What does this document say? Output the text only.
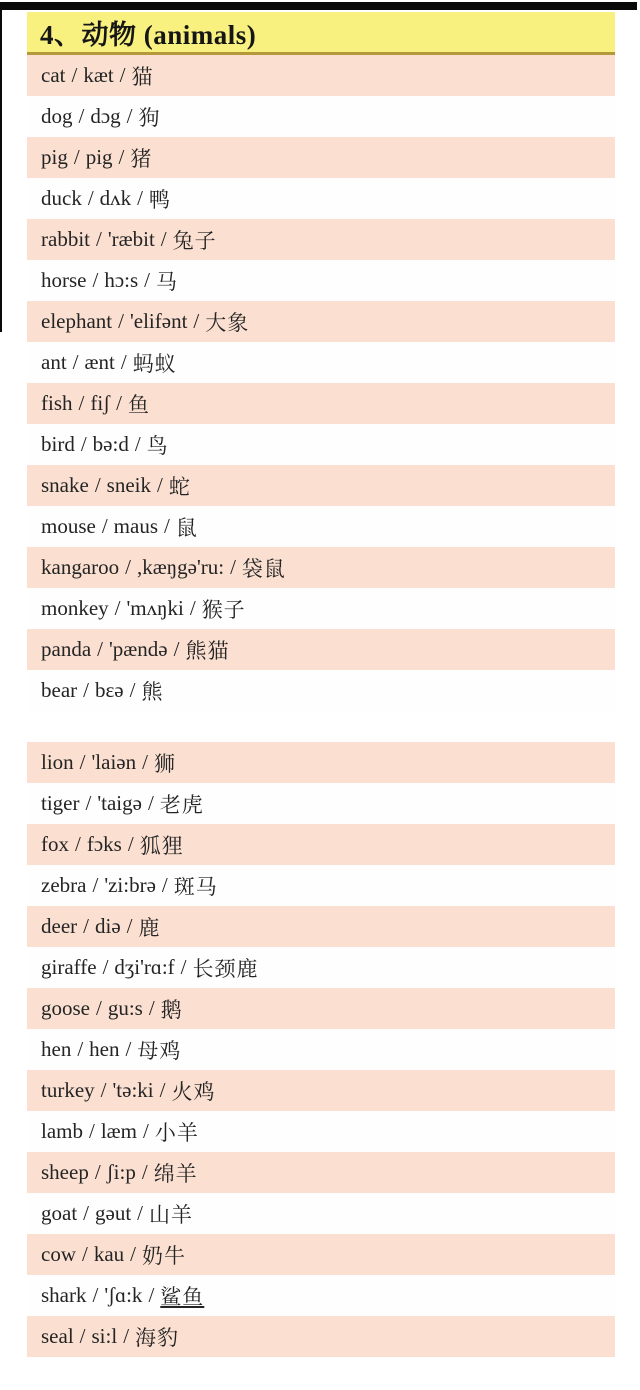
4、动物 (animals)
cat / kæt / 猫
dog / dɔg / 狗
pig / pig / 猪
duck / dʌk / 鸭
rabbit / 'ræbit / 兔子
horse / hɔ:s / 马
elephant / 'elifənt / 大象
ant / ænt / 蚂蚁
fish / fiʃ / 鱼
bird / bə:d / 鸟
snake / sneik / 蛇
mouse / maus / 鼠
kangaroo / ,kæŋgə'ru: / 袋鼠
monkey / 'mʌŋki / 猴子
panda / 'pændə / 熊猫
bear / bɛə / 熊
lion / 'laiən / 狮
tiger / 'taigə / 老虎
fox / fɔks / 狐狸
zebra / 'zi:brə / 斑马
deer / diə / 鹿
giraffe / dʒi'rɑ:f / 长颈鹿
goose / gu:s / 鹅
hen / hen / 母鸡
turkey / 'tə:ki / 火鸡
lamb / læm / 小羊
sheep / ʃi:p / 绵羊
goat / gəut / 山羊
cow / kau / 奶牛
shark / 'ʃɑ:k / 鲨鱼
seal / si:l / 海豹
